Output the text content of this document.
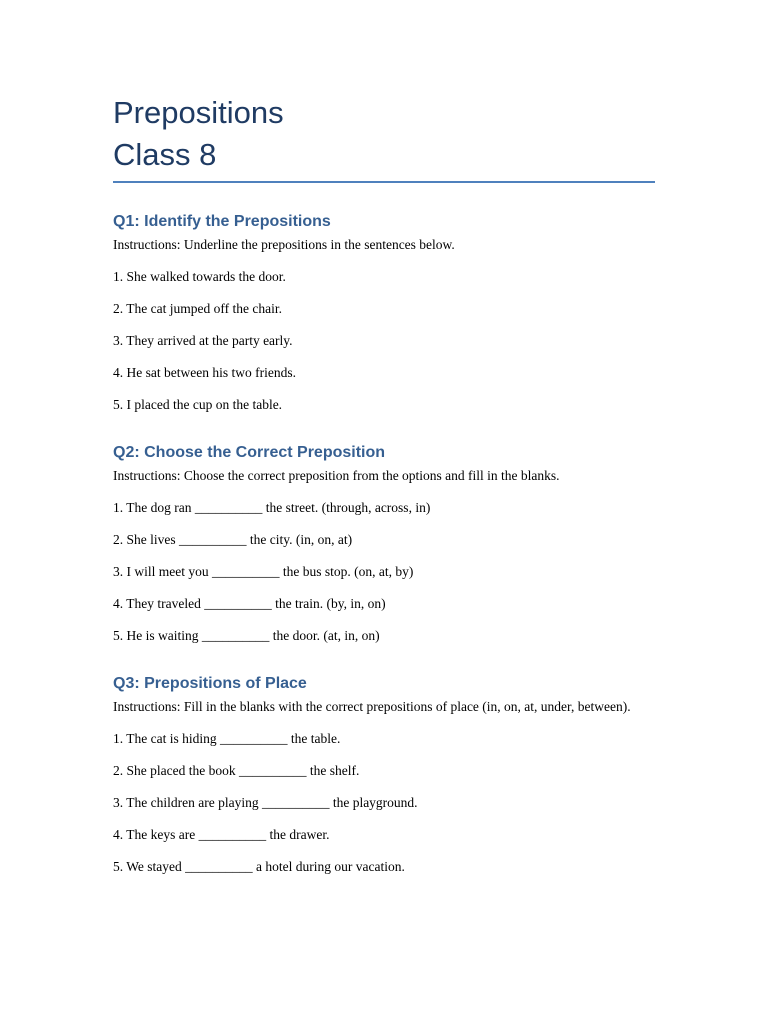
Prepositions
Class 8
Q1: Identify the Prepositions

Instructions: Underline the prepositions in the sentences below.

1. She walked towards the door.

2. The cat jumped off the chair.

3. They arrived at the party early.

4. He sat between his two friends.

5. I placed the cup on the table.

Q2: Choose the Correct Preposition

Instructions: Choose the correct preposition from the options and fill in the blanks.

1. The dog ran __________ the street. (through, across, in)

2. She lives __________ the city. (in, on, at)

3. I will meet you __________ the bus stop. (on, at, by)

4. They traveled __________ the train. (by, in, on)

5. He is waiting __________ the door. (at, in, on)

Q3: Prepositions of Place

Instructions: Fill in the blanks with the correct prepositions of place (in, on, at, under, between).

1. The cat is hiding __________ the table.

2. She placed the book __________ the shelf.

3. The children are playing __________ the playground.

4. The keys are __________ the drawer.

5. We stayed __________ a hotel during our vacation.
